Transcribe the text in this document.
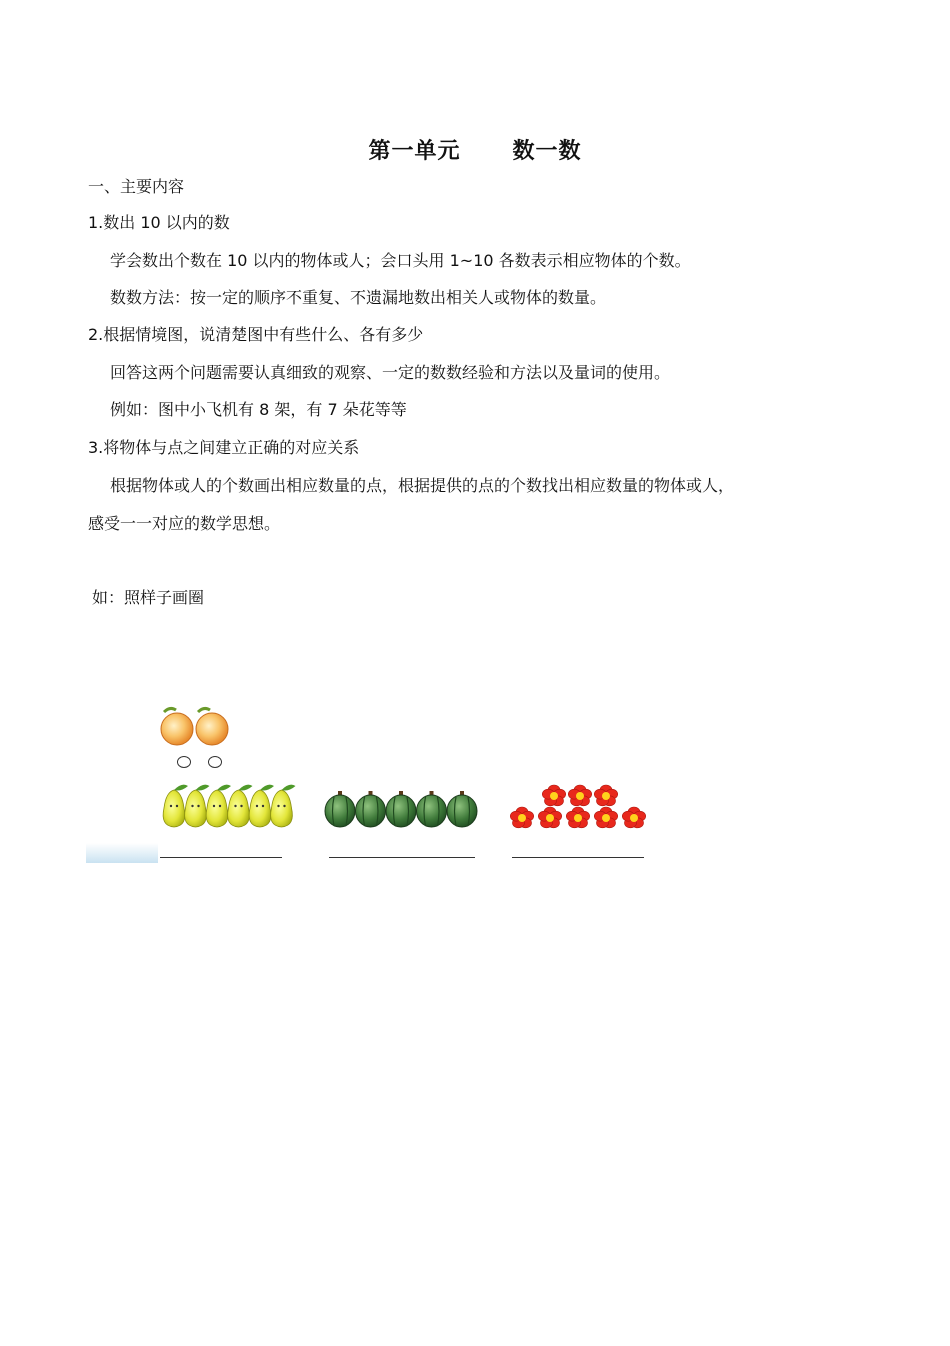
第一单元      数一数
一、主要内容
1.数出 10 以内的数
学会数出个数在 10 以内的物体或人；会口头用 1~10 各数表示相应物体的个数。
数数方法：按一定的顺序不重复、不遗漏地数出相关人或物体的数量。
2.根据情境图，说清楚图中有些什么、各有多少
回答这两个问题需要认真细致的观察、一定的数数经验和方法以及量词的使用。
例如：图中小飞机有 8 架，有 7 朵花等等
3.将物体与点之间建立正确的对应关系
根据物体或人的个数画出相应数量的点，根据提供的点的个数找出相应数量的物体或人，
感受一一对应的数学思想。
如：照样子画圈
